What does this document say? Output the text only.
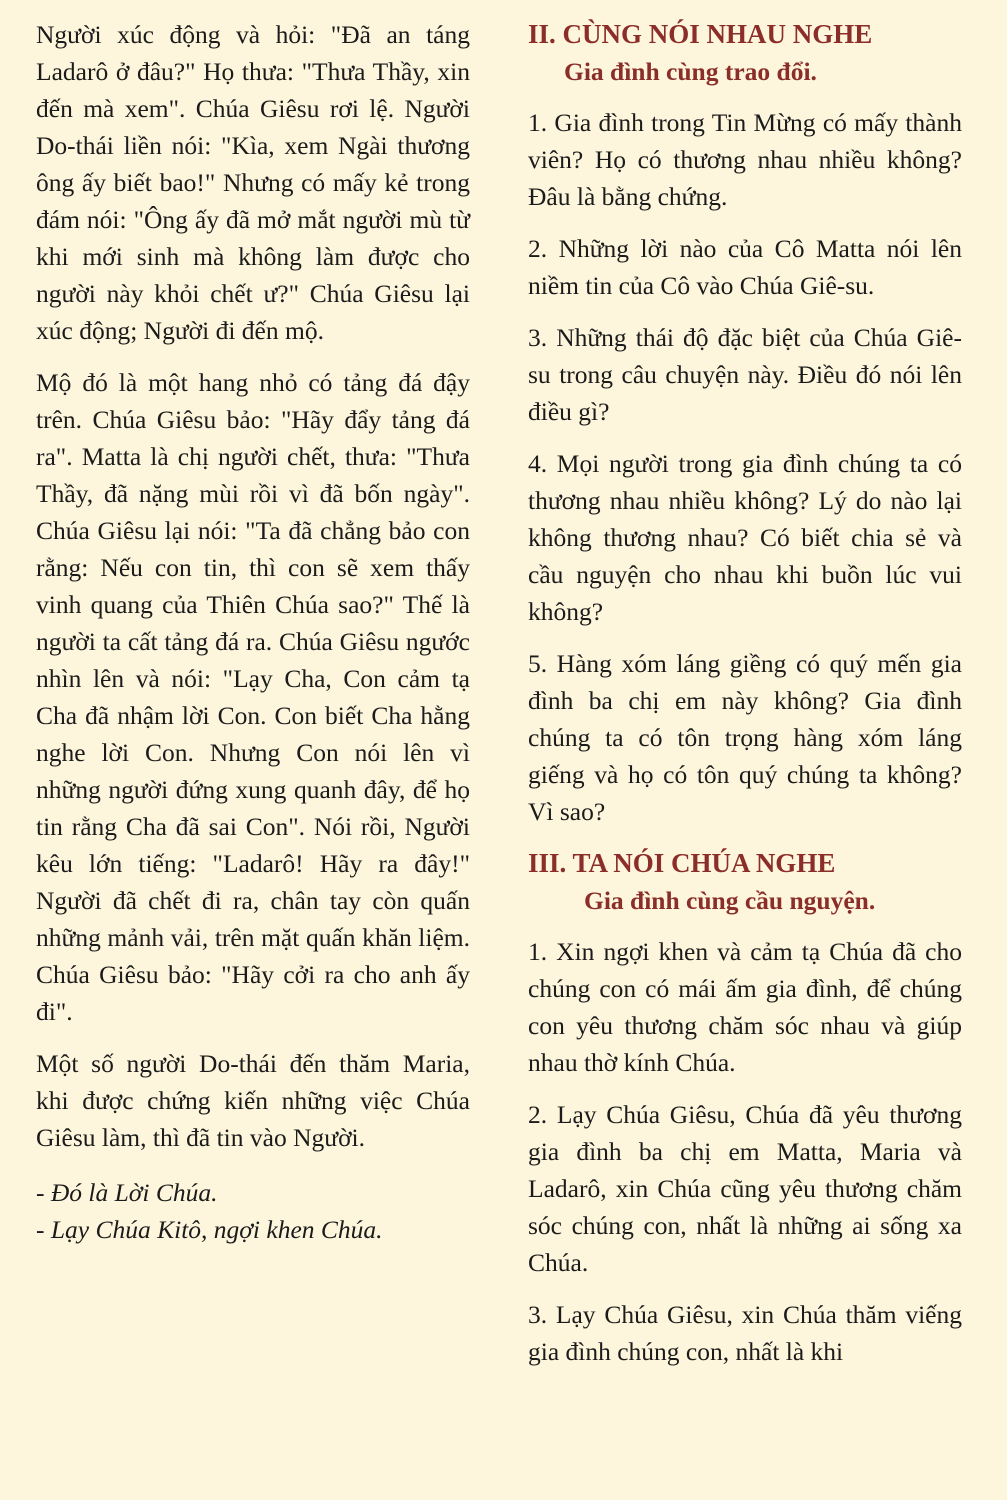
Người xúc động và hỏi: "Đã an táng Ladarô ở đâu?" Họ thưa: "Thưa Thầy, xin đến mà xem". Chúa Giêsu rơi lệ. Người Do-thái liền nói: "Kìa, xem Ngài thương ông ấy biết bao!" Nhưng có mấy kẻ trong đám nói: "Ông ấy đã mở mắt người mù từ khi mới sinh mà không làm được cho người này khỏi chết ư?" Chúa Giêsu lại xúc động; Người đi đến mộ.

Mộ đó là một hang nhỏ có tảng đá đậy trên. Chúa Giêsu bảo: "Hãy đẩy tảng đá ra". Matta là chị người chết, thưa: "Thưa Thầy, đã nặng mùi rồi vì đã bốn ngày". Chúa Giêsu lại nói: "Ta đã chẳng bảo con rằng: Nếu con tin, thì con sẽ xem thấy vinh quang của Thiên Chúa sao?" Thế là người ta cất tảng đá ra. Chúa Giêsu ngước nhìn lên và nói: "Lạy Cha, Con cảm tạ Cha đã nhậm lời Con. Con biết Cha hằng nghe lời Con. Nhưng Con nói lên vì những người đứng xung quanh đây, để họ tin rằng Cha đã sai Con". Nói rồi, Người kêu lớn tiếng: "Ladarô! Hãy ra đây!" Người đã chết đi ra, chân tay còn quấn những mảnh vải, trên mặt quấn khăn liệm. Chúa Giêsu bảo: "Hãy cởi ra cho anh ấy đi".

Một số người Do-thái đến thăm Maria, khi được chứng kiến những việc Chúa Giêsu làm, thì đã tin vào Người.

- Đó là Lời Chúa.

- Lạy Chúa Kitô, ngợi khen Chúa.

II. CÙNG NÓI NHAU NGHE
Gia đình cùng trao đổi.

1. Gia đình trong Tin Mừng có mấy thành viên? Họ có thương nhau nhiều không? Đâu là bằng chứng.

2. Những lời nào của Cô Matta nói lên niềm tin của Cô vào Chúa Giê-su.

3. Những thái độ đặc biệt của Chúa Giê-su trong câu chuyện này. Điều đó nói lên điều gì?

4. Mọi người trong gia đình chúng ta có thương nhau nhiều không? Lý do nào lại không thương nhau? Có biết chia sẻ và cầu nguyện cho nhau khi buồn lúc vui không?

5. Hàng xóm láng giềng có quý mến gia đình ba chị em này không? Gia đình chúng ta có tôn trọng hàng xóm láng giếng và họ có tôn quý chúng ta không? Vì sao?

III. TA NÓI CHÚA NGHE
Gia đình cùng cầu nguyện.

1. Xin ngợi khen và cảm tạ Chúa đã cho chúng con có mái ấm gia đình, để chúng con yêu thương chăm sóc nhau và giúp nhau thờ kính Chúa.

2. Lạy Chúa Giêsu, Chúa đã yêu thương gia đình ba chị em Matta, Maria và Ladarô, xin Chúa cũng yêu thương chăm sóc chúng con, nhất là những ai sống xa Chúa.

3. Lạy Chúa Giêsu, xin Chúa thăm viếng gia đình chúng con, nhất là khi
